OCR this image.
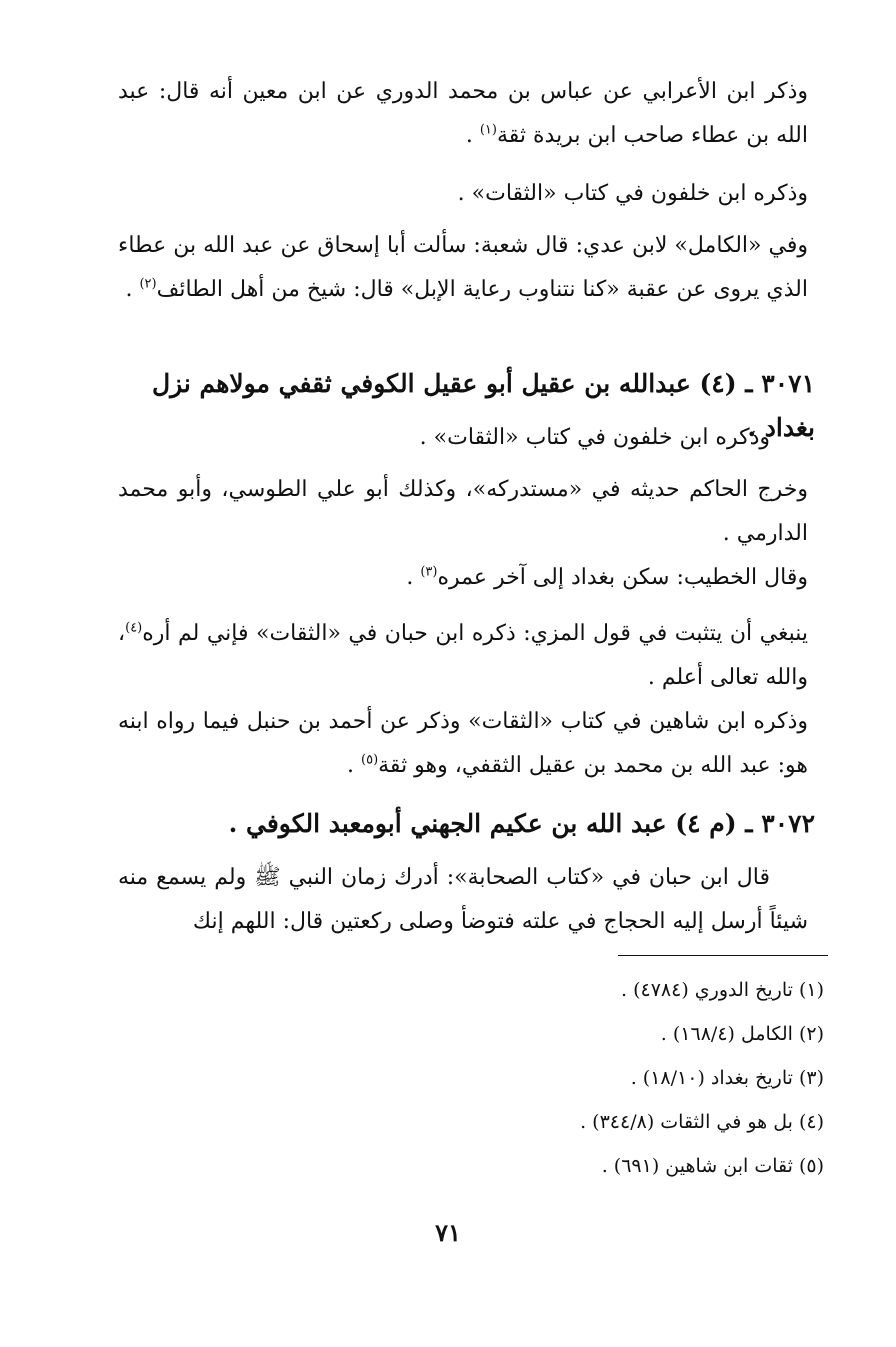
وذكر ابن الأعرابي عن عباس بن محمد الدوري عن ابن معين أنه قال: عبد الله بن عطاء صاحب ابن بريدة ثقة$^{(١)}$ .
وذكره ابن خلفون في كتاب «الثقات» .
وفي «الكامل» لابن عدي: قال شعبة: سألت أبا إسحاق عن عبد الله بن عطاء الذي يروى عن عقبة «كنا نتناوب رعاية الإبل» قال: شيخ من أهل الطائف$^{(٢)}$ .
٣٠٧١ ـ (٤) عبدالله بن عقيل أبو عقيل الكوفي ثقفي مولاهم نزل بغداد .
وذكره ابن خلفون في كتاب «الثقات» .
وخرج الحاكم حديثه في «مستدركه»، وكذلك أبو علي الطوسي، وأبو محمد الدارمي .
وقال الخطيب: سكن بغداد إلى آخر عمره$^{(٣)}$ .
ينبغي أن يتثبت في قول المزي: ذكره ابن حبان في «الثقات» فإني لم أره$^{(٤)}$، والله تعالى أعلم .
وذكره ابن شاهين في كتاب «الثقات» وذكر عن أحمد بن حنبل فيما رواه ابنه هو: عبد الله بن محمد بن عقيل الثقفي، وهو ثقة$^{(٥)}$ .
٣٠٧٢ ـ (م ٤) عبد الله بن عكيم الجهني أبومعبد الكوفي .
قال ابن حبان في «كتاب الصحابة»: أدرك زمان النبي ﷺ ولم يسمع منه شيئاً أرسل إليه الحجاج في علته فتوضأ وصلى ركعتين قال: اللهم إنك

(١) تاريخ الدوري (٤٧٨٤) .

(٢) الكامل (١٦٨/٤) .

(٣) تاريخ بغداد (١٨/١٠) .

(٤) بل هو في الثقات (٣٤٤/٨) .

(٥) ثقات ابن شاهين (٦٩١) .

٧١
